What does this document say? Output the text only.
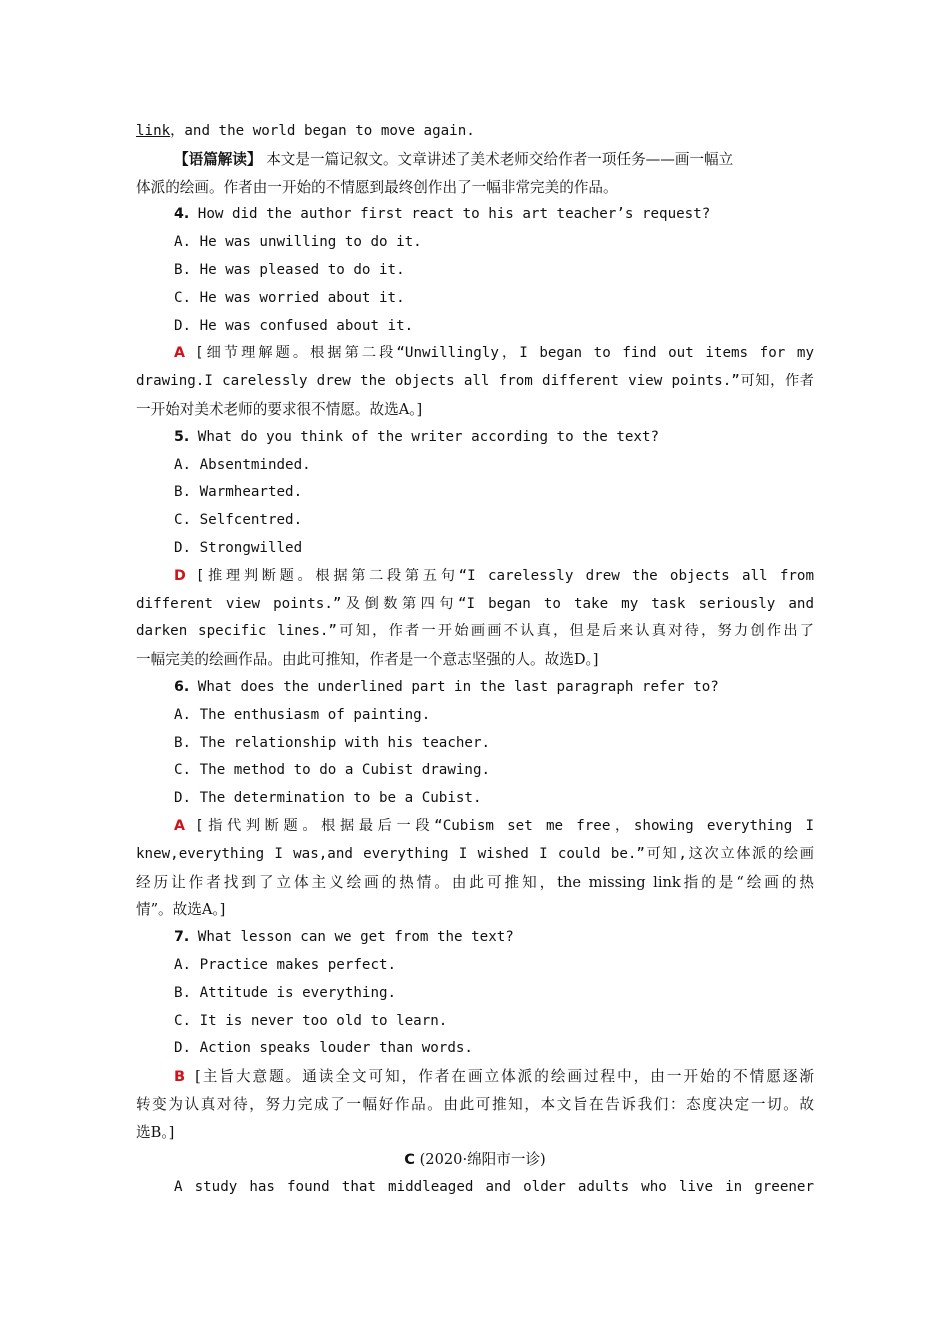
link，and the world began to move again.
【语篇解读】 本文是一篇记叙文。文章讲述了美术老师交给作者一项任务——画一幅立
体派的绘画。作者由一开始的不情愿到最终创作出了一幅非常完美的作品。
4. How did the author first react to his art teacher’s request?
A. He was unwilling to do it.
B. He was pleased to do it.
C. He was worried about it.
D. He was confused about it.
A [细节理解题。根据第二段“Unwillingly，I began to find out items for my
drawing.I carelessly drew the objects all from different view points.”可知，作者
一开始对美术老师的要求很不情愿。故选A。]
5. What do you think of the writer according to the text?
A. Absentminded.
B. Warmhearted.
C. Selfcentred.
D. Strongwilled
D [推理判断题。根据第二段第五句“I carelessly drew the objects all from
different view points.”及倒数第四句“I began to take my task seriously and
darken specific lines.”可知，作者一开始画画不认真，但是后来认真对待，努力创作出了
一幅完美的绘画作品。由此可推知，作者是一个意志坚强的人。故选D。]
6. What does the underlined part in the last paragraph refer to?
A. The enthusiasm of painting.
B. The relationship with his teacher.
C. The method to do a Cubist drawing.
D. The determination to be a Cubist.
A [指代判断题。根据最后一段“Cubism set me free，showing everything I
knew,everything I was,and everything I wished I could be.”可知,这次立体派的绘画
经历让作者找到了立体主义绘画的热情。由此可推知，the missing link指的是“绘画的热
情”。故选A。]
7. What lesson can we get from the text?
A. Practice makes perfect.
B. Attitude is everything.
C. It is never too old to learn.
D. Action speaks louder than words.
B [主旨大意题。通读全文可知，作者在画立体派的绘画过程中，由一开始的不情愿逐渐
转变为认真对待，努力完成了一幅好作品。由此可推知，本文旨在告诉我们：态度决定一切。故
选B。]
C (2020·绵阳市一诊)
A study has found that middleaged and older adults who live in greener
